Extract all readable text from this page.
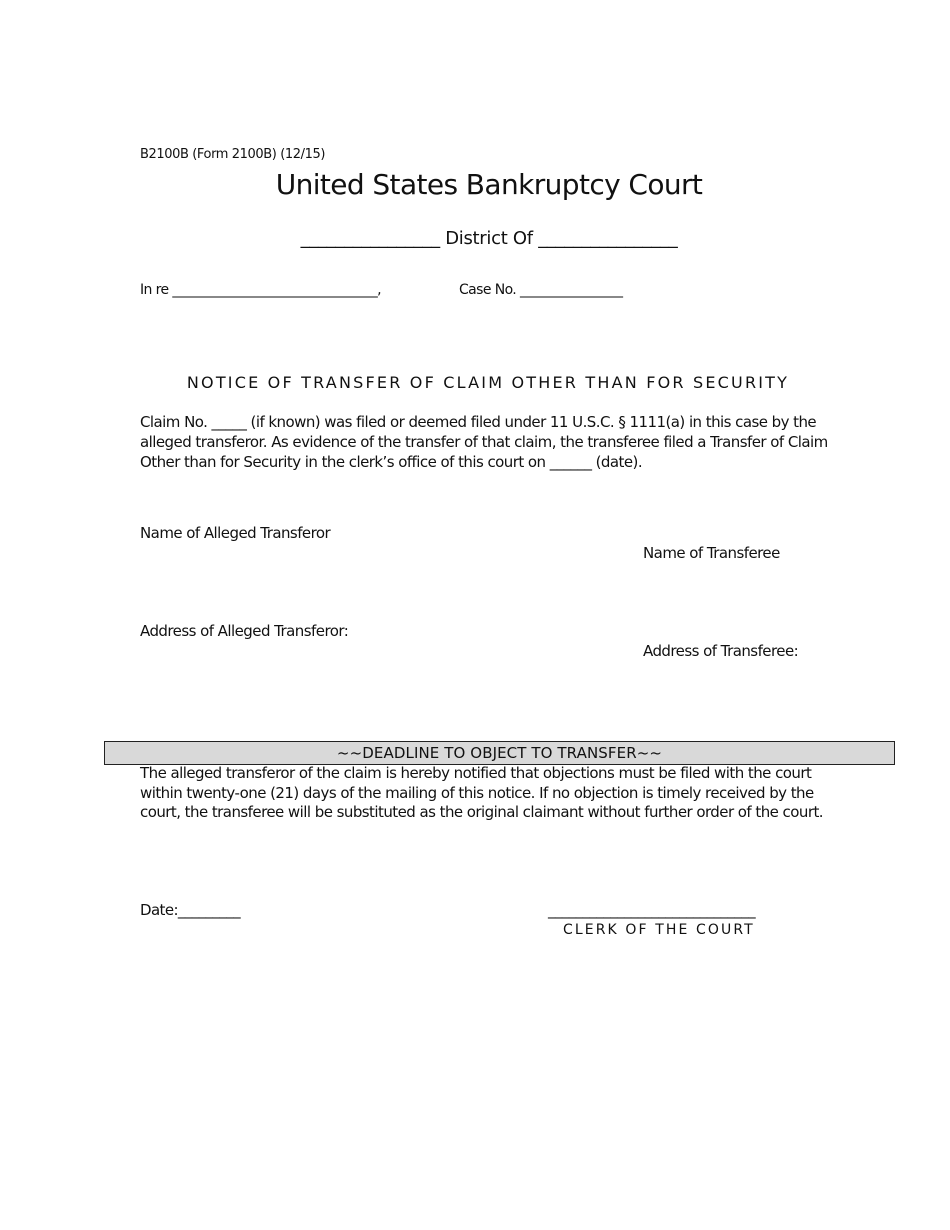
B2100B (Form 2100B) (12/15)
United States Bankruptcy Court
________________ District Of ________________
In re ________________________________,	Case No. ________________
NOTICE OF TRANSFER OF CLAIM OTHER THAN FOR SECURITY
Claim No. _____ (if known) was filed or deemed filed under 11 U.S.C. § 1111(a) in this case by the alleged transferor. As evidence of the transfer of that claim, the transferee filed a Transfer of Claim Other than for Security in the clerk’s office of this court on ______ (date).
Name of Alleged Transferor
Name of Transferee
Address of Alleged Transferor:
Address of Transferee:
~~DEADLINE TO OBJECT TO TRANSFER~~
The alleged transferor of the claim is hereby notified that objections must be filed with the court within twenty-one (21) days of the mailing of this notice. If no objection is timely received by the court, the transferee will be substituted as the original claimant without further order of the court.
Date:_________	______________________________
CLERK OF THE COURT
